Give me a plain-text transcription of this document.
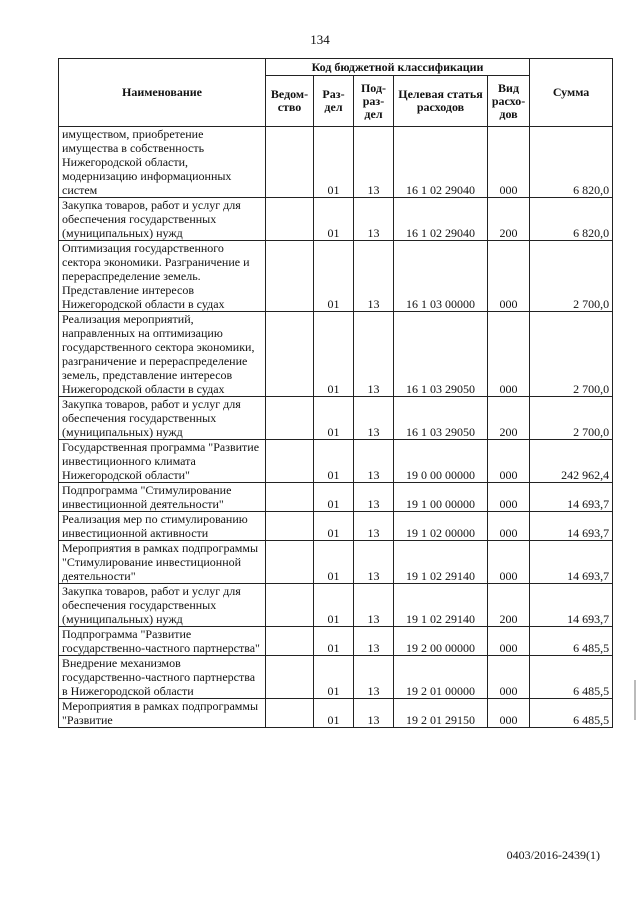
134
Наименование	Код бюджетной классификации					Сумма
	Ведом-ство	Раз-дел	Под-раз-дел	Целевая статья расходов	Вид расхо-дов	
имуществом, приобретение имущества в собственность Нижегородской области, модернизацию информационных систем		01	13	16 1 02 29040	000	6 820,0
Закупка товаров, работ и услуг для обеспечения государственных (муниципальных) нужд		01	13	16 1 02 29040	200	6 820,0
Оптимизация государственного сектора экономики. Разграничение и перераспределение земель. Представление интересов Нижегородской области в судах		01	13	16 1 03 00000	000	2 700,0
Реализация мероприятий, направленных на оптимизацию государственного сектора экономики, разграничение и перераспределение земель, представление интересов Нижегородской области в судах		01	13	16 1 03 29050	000	2 700,0
Закупка товаров, работ и услуг для обеспечения государственных (муниципальных) нужд		01	13	16 1 03 29050	200	2 700,0
Государственная программа "Развитие инвестиционного климата Нижегородской области"		01	13	19 0 00 00000	000	242 962,4
Подпрограмма "Стимулирование инвестиционной деятельности"		01	13	19 1 00 00000	000	14 693,7
Реализация мер по стимулированию инвестиционной активности		01	13	19 1 02 00000	000	14 693,7
Мероприятия в рамках подпрограммы "Стимулирование инвестиционной деятельности"		01	13	19 1 02 29140	000	14 693,7
Закупка товаров, работ и услуг для обеспечения государственных (муниципальных) нужд		01	13	19 1 02 29140	200	14 693,7
Подпрограмма "Развитие государственно-частного партнерства"		01	13	19 2 00 00000	000	6 485,5
Внедрение механизмов государственно-частного партнерства в Нижегородской области		01	13	19 2 01 00000	000	6 485,5
Мероприятия в рамках подпрограммы "Развитие		01	13	19 2 01 29150	000	6 485,5
0403/2016-2439(1)
